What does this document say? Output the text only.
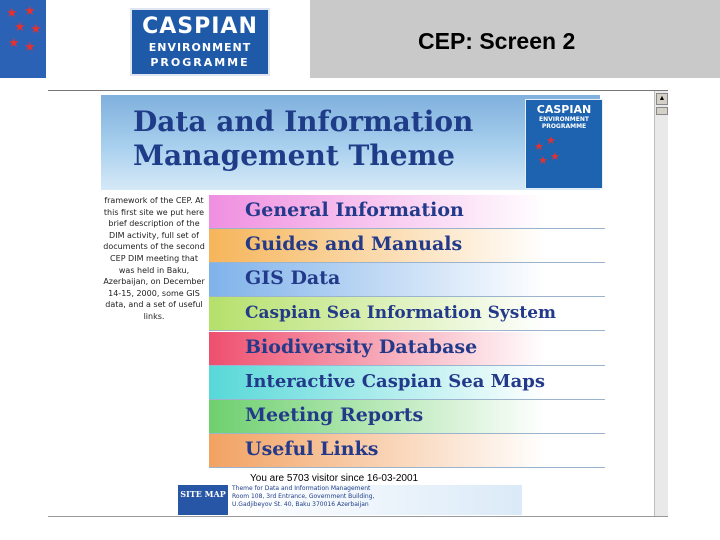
★ ★
★ ★
★ ★
CASPIAN
ENVIRONMENT
PROGRAMME
CEP: Screen 2
Data and Information
Management Theme
CASPIAN
ENVIRONMENT
PROGRAMME
★ ★
★ ★
framework of the CEP. At
this first site we put here
brief description of the
DIM activity, full set of
documents of the second
CEP DIM meeting that
was held in Baku,
Azerbaijan, on December
14-15, 2000, some GIS
data, and a set of useful
links.
General Information
Guides and Manuals
GIS Data
Caspian Sea Information System
Biodiversity Database
Interactive Caspian Sea Maps
Meeting Reports
Useful Links
You are 5703 visitor since 16-03-2001
SITE MAP
Theme for Data and Information Management
Room 108, 3rd Entrance, Government Building,
U.Gadjibeyov St. 40, Baku 370016 Azerbaijan
▲
